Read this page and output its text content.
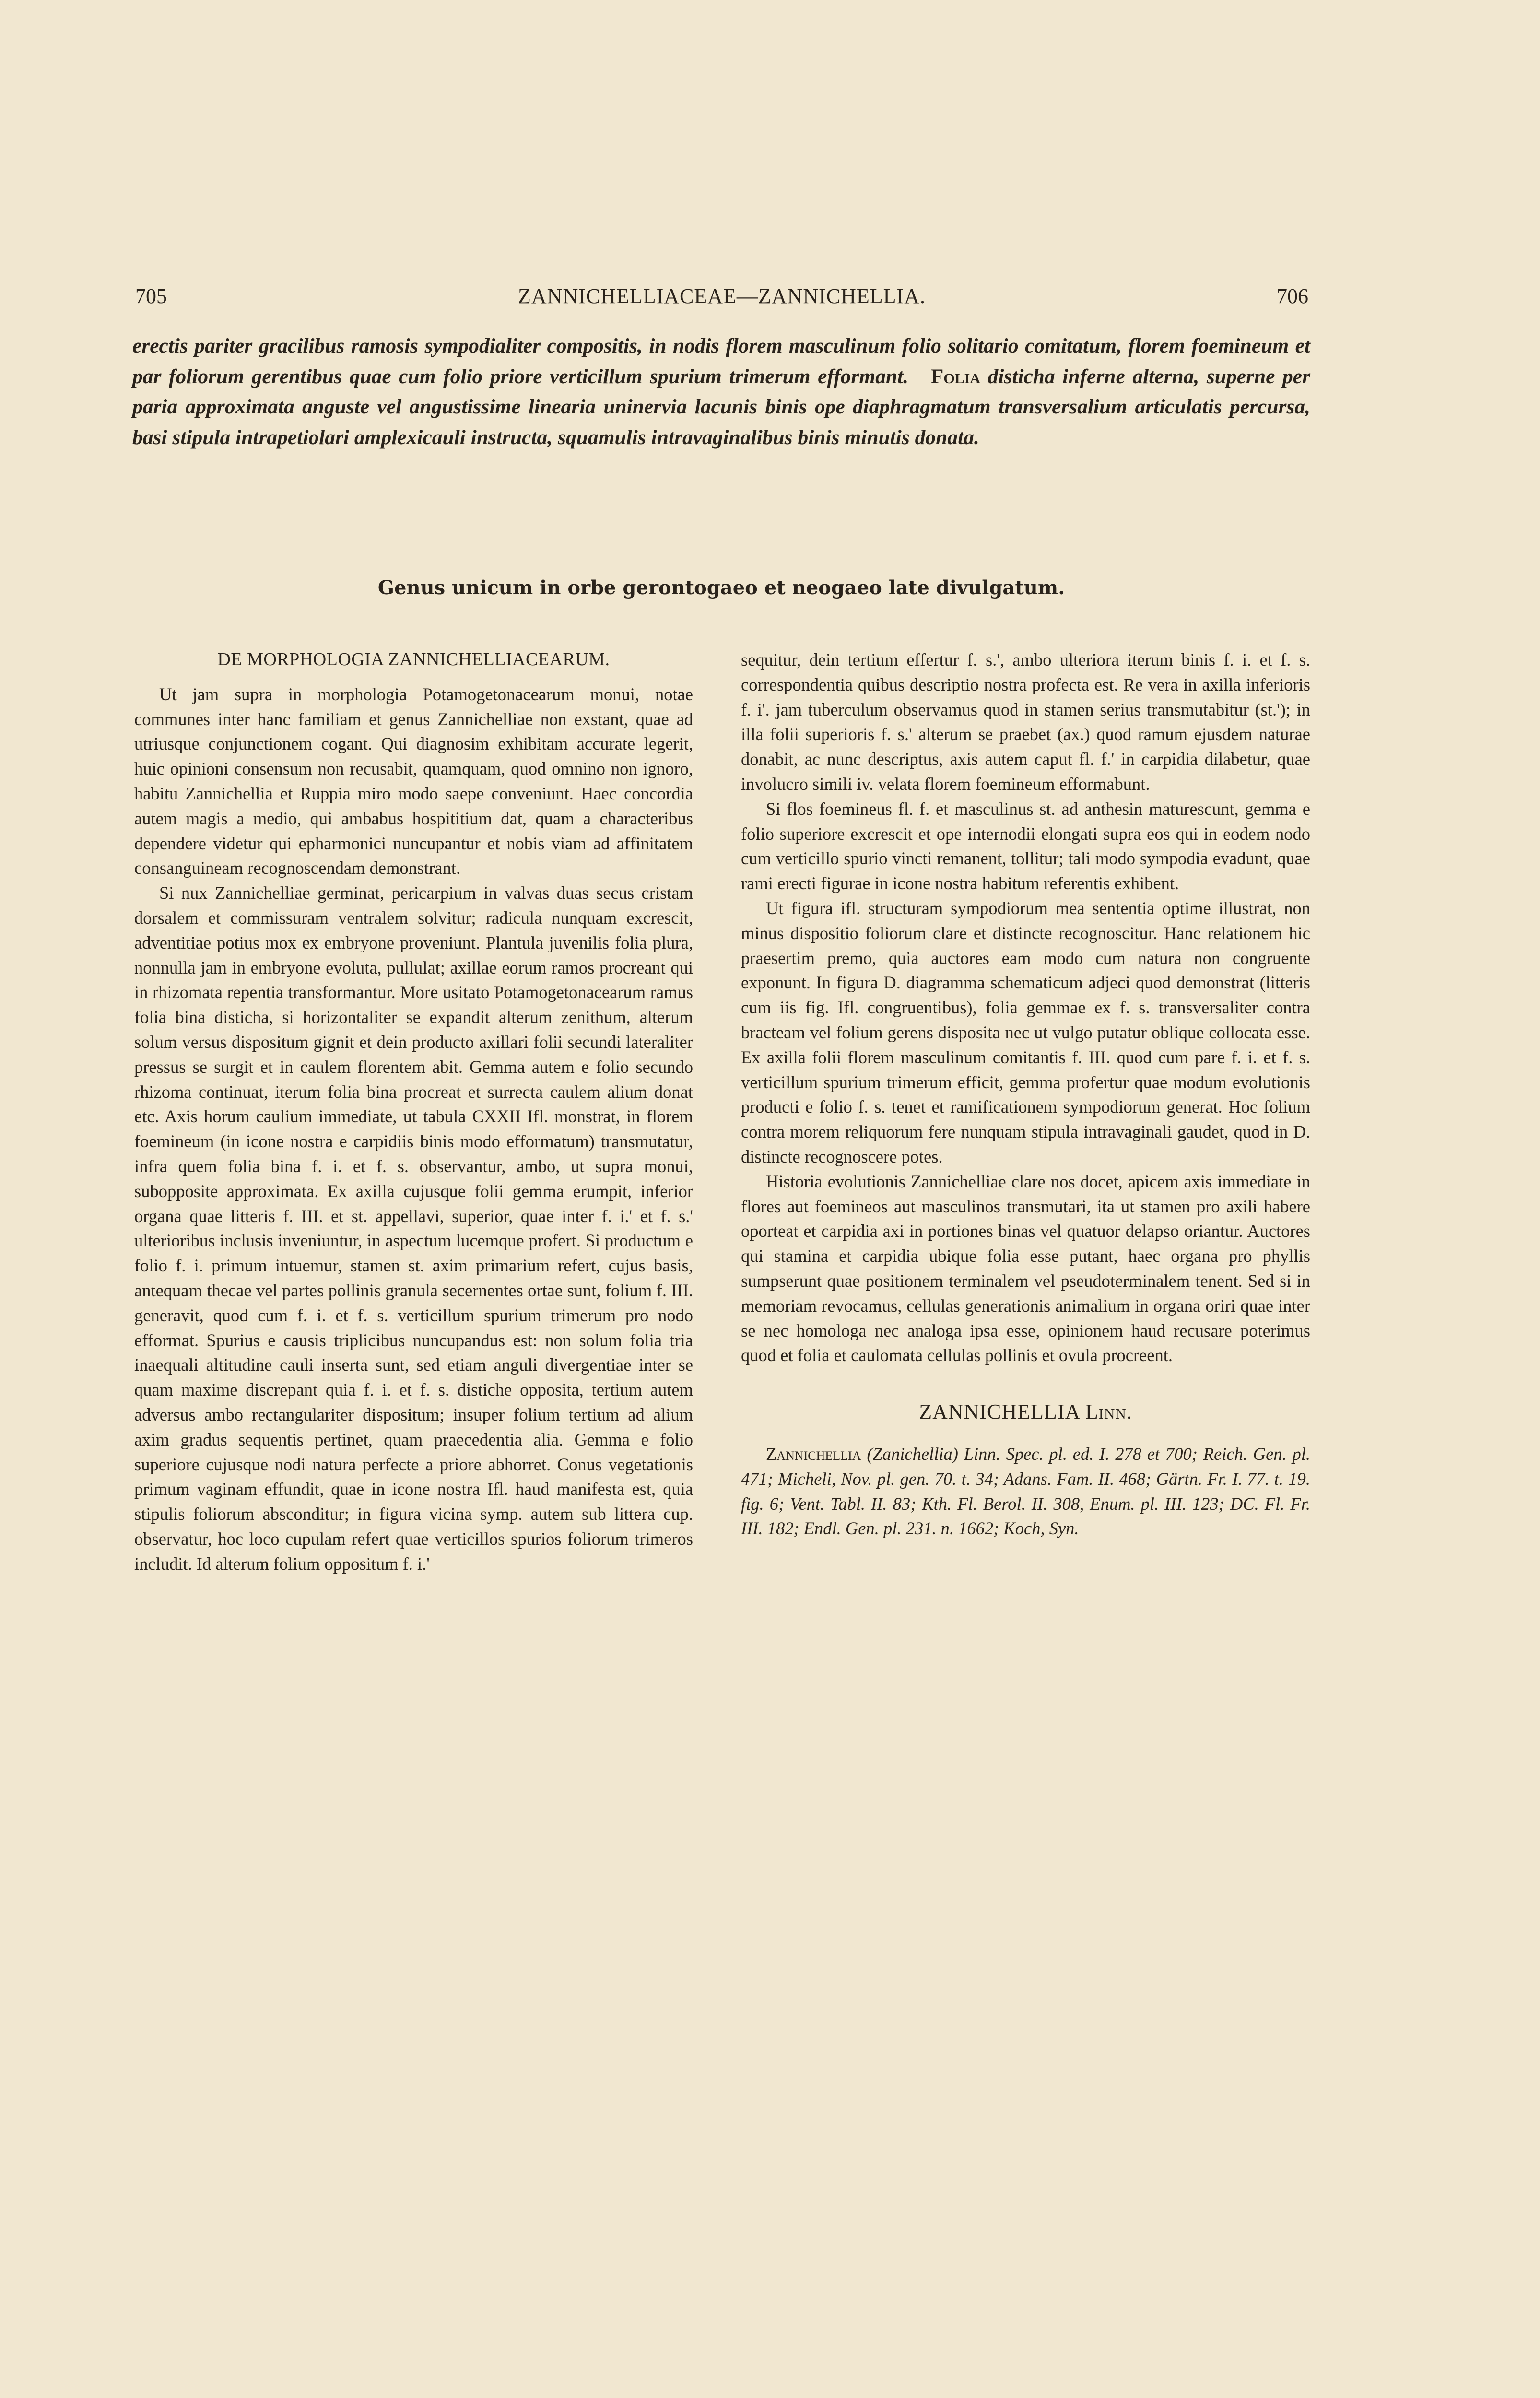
705	ZANNICHELLIACEAE—ZANNICHELLIA.	706

erectis pariter gracilibus ramosis sympodialiter compositis, in nodis florem masculinum folio solitario comitatum, florem foemineum et par foliorum gerentibus quae cum folio priore verticillum spurium trimerum efformant. Folia disticha inferne alterna, superne per paria approximata anguste vel angustissime linearia uninervia lacunis binis ope diaphragmatum transversalium articulatis percursa, basi stipula intrapetiolari amplexicauli instructa, squamulis intravaginalibus binis minutis donata.

Genus unicum in orbe gerontogaeo et neogaeo late divulgatum.

DE MORPHOLOGIA ZANNICHELLIACEARUM.

Ut jam supra in morphologia Potamogetonacearum monui, notae communes inter hanc familiam et genus Zannichelliae non exstant, quae ad utriusque conjunctionem cogant. Qui diagnosim exhibitam accurate legerit, huic opinioni consensum non recusabit, quamquam, quod omnino non ignoro, habitu Zannichellia et Ruppia miro modo saepe conveniunt. Haec concordia autem magis a medio, qui ambabus hospititium dat, quam a characteribus dependere videtur qui epharmonici nuncupantur et nobis viam ad affinitatem consanguineam recognoscendam demonstrant.

Si nux Zannichelliae germinat, pericarpium in valvas duas secus cristam dorsalem et commissuram ventralem solvitur; radicula nunquam excrescit, adventitiae potius mox ex embryone proveniunt. Plantula juvenilis folia plura, nonnulla jam in embryone evoluta, pullulat; axillae eorum ramos procreant qui in rhizomata repentia transformantur. More usitato Potamogetonacearum ramus folia bina disticha, si horizontaliter se expandit alterum zenithum, alterum solum versus dispositum gignit et dein producto axillari folii secundi lateraliter pressus se surgit et in caulem florentem abit. Gemma autem e folio secundo rhizoma continuat, iterum folia bina procreat et surrecta caulem alium donat etc. Axis horum caulium immediate, ut tabula CXXII Ifl. monstrat, in florem foemineum (in icone nostra e carpidiis binis modo efformatum) transmutatur, infra quem folia bina f. i. et f. s. observantur, ambo, ut supra monui, subopposite approximata. Ex axilla cujusque folii gemma erumpit, inferior organa quae litteris f. III. et st. appellavi, superior, quae inter f. i.' et f. s.' ulterioribus inclusis inveniuntur, in aspectum lucemque profert. Si productum e folio f. i. primum intuemur, stamen st. axim primarium refert, cujus basis, antequam thecae vel partes pollinis granula secernentes ortae sunt, folium f. III. generavit, quod cum f. i. et f. s. verticillum spurium trimerum pro nodo efformat. Spurius e causis triplicibus nuncupandus est: non solum folia tria inaequali altitudine cauli inserta sunt, sed etiam anguli divergentiae inter se quam maxime discrepant quia f. i. et f. s. distiche opposita, tertium autem adversus ambo rectangulariter dispositum; insuper folium tertium ad alium axim gradus sequentis pertinet, quam praecedentia alia. Gemma e folio superiore cujusque nodi natura perfecte a priore abhorret. Conus vegetationis primum vaginam effundit, quae in icone nostra Ifl. haud manifesta est, quia stipulis foliorum absconditur; in figura vicina symp. autem sub littera cup. observatur, hoc loco cupulam refert quae verticillos spurios foliorum trimeros includit. Id alterum folium oppositum f. i.'

sequitur, dein tertium effertur f. s.', ambo ulteriora iterum binis f. i. et f. s. correspondentia quibus descriptio nostra profecta est. Re vera in axilla inferioris f. i'. jam tuberculum observamus quod in stamen serius transmutabitur (st.'); in illa folii superioris f. s.' alterum se praebet (ax.) quod ramum ejusdem naturae donabit, ac nunc descriptus, axis autem caput fl. f.' in carpidia dilabetur, quae involucro simili iv. velata florem foemineum efformabunt.

Si flos foemineus fl. f. et masculinus st. ad anthesin maturescunt, gemma e folio superiore excrescit et ope internodii elongati supra eos qui in eodem nodo cum verticillo spurio vincti remanent, tollitur; tali modo sympodia evadunt, quae rami erecti figurae in icone nostra habitum referentis exhibent.

Ut figura ifl. structuram sympodiorum mea sententia optime illustrat, non minus dispositio foliorum clare et distincte recognoscitur. Hanc relationem hic praesertim premo, quia auctores eam modo cum natura non congruente exponunt. In figura D. diagramma schematicum adjeci quod demonstrat (litteris cum iis fig. Ifl. congruentibus), folia gemmae ex f. s. transversaliter contra bracteam vel folium gerens disposita nec ut vulgo putatur oblique collocata esse. Ex axilla folii florem masculinum comitantis f. III. quod cum pare f. i. et f. s. verticillum spurium trimerum efficit, gemma profertur quae modum evolutionis producti e folio f. s. tenet et ramificationem sympodiorum generat. Hoc folium contra morem reliquorum fere nunquam stipula intravaginali gaudet, quod in D. distincte recognoscere potes.

Historia evolutionis Zannichelliae clare nos docet, apicem axis immediate in flores aut foemineos aut masculinos transmutari, ita ut stamen pro axili habere oporteat et carpidia axi in portiones binas vel quatuor delapso oriantur. Auctores qui stamina et carpidia ubique folia esse putant, haec organa pro phyllis sumpserunt quae positionem terminalem vel pseudoterminalem tenent. Sed si in memoriam revocamus, cellulas generationis animalium in organa oriri quae inter se nec homologa nec analoga ipsa esse, opinionem haud recusare poterimus quod et folia et caulomata cellulas pollinis et ovula procreent.

ZANNICHELLIA Linn.

Zannichellia (Zanichellia) Linn. Spec. pl. ed. I. 278 et 700; Reich. Gen. pl. 471; Micheli, Nov. pl. gen. 70. t. 34; Adans. Fam. II. 468; Gärtn. Fr. I. 77. t. 19. fig. 6; Vent. Tabl. II. 83; Kth. Fl. Berol. II. 308, Enum. pl. III. 123; DC. Fl. Fr. III. 182; Endl. Gen. pl. 231. n. 1662; Koch, Syn.
